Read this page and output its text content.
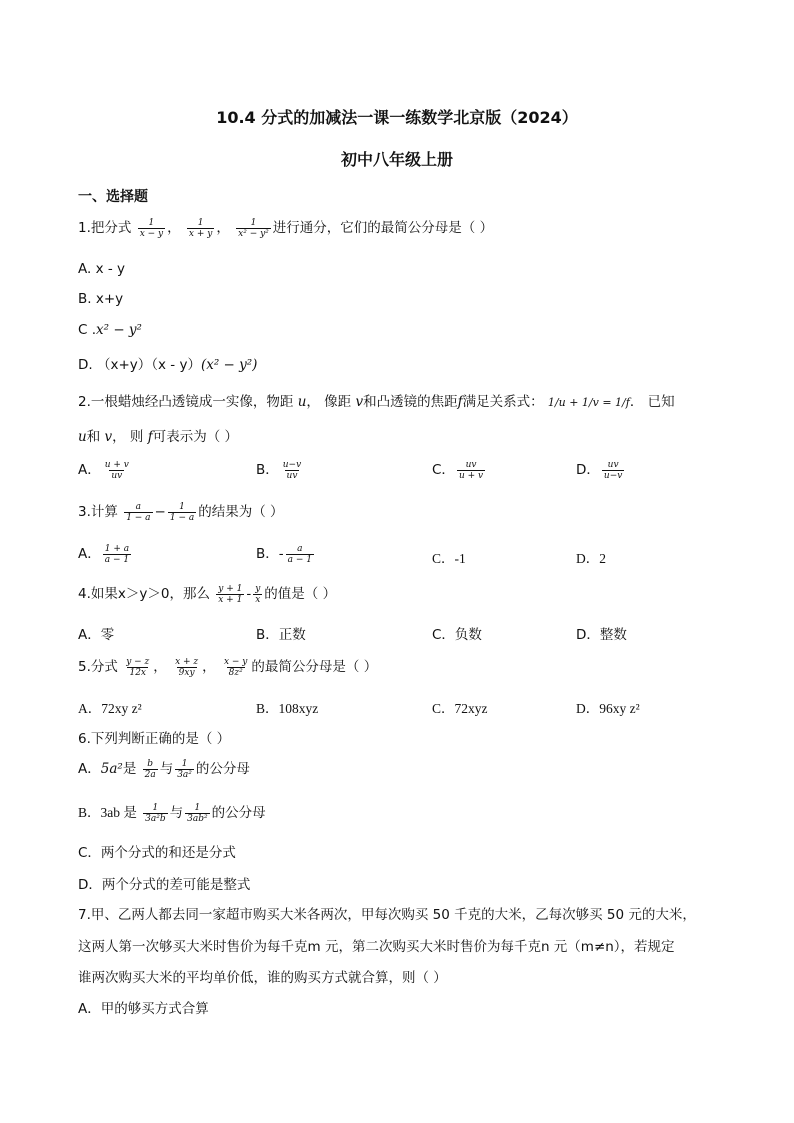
10.4 分式的加减法一课一练数学北京版（2024）
初中八年级上册
一、选择题
1.把分式 $\frac{1}{x - y}$ ， $\frac{1}{x + y}$ ， $\frac{1}{\text{x² − y²}}$ 进行通分，它们的最简公分母是（ ）
A. x - y
B. x+y
C .x² − y²
D. （x+y）（x - y）(x² − y²)
2.一根蜡烛经凸透镜成一实像，物距 u， 像距 v和凸透镜的焦距f满足关系式： 1/u + 1/v = 1/f． 已知
u和 v， 则 f可表示为（ ）
A． $\frac{u + v}{uv}$	B． $\frac{u-v}{uv}$	C． $\frac{uv}{u + v}$	D． $\frac{uv}{u-v}$
3.计算 $\frac{a}{1 - a} - \frac{1}{1 - a}$ 的结果为（ ）
A． $\frac{1 + a}{a - 1}$	B．- $\frac{a}{a - 1}$	C．-1	D．2
4.如果x＞y＞0，那么 $\frac{y + 1}{x + 1} - \frac{y}{x}$ 的值是（ ）
A．零	B．正数	C．负数	D．整数
5.分式 $\frac{y - z}{12x}$ ， $\frac{x + z}{9xy}$ ， $\frac{x - y}{\text{8z²}}$ 的最简公分母是（ ）
A．72xy z²	B．108xyz	C．72xyz	D．96xy z²
6.下列判断正确的是（ ）
A．5a²是 $\frac{b}{2a}$ 与 $\frac{1}{\text{3a²}}$ 的公分母
B．3ab 是 $\frac{1}{\text{3a²b}}$ 与 $\frac{1}{\text{3ab²}}$ 的公分母
C．两个分式的和还是分式
D．两个分式的差可能是整式
7.甲、乙两人都去同一家超市购买大米各两次，甲每次购买 50 千克的大米，乙每次够买 50 元的大米，
这两人第一次够买大米时售价为每千克m 元，第二次购买大米时售价为每千克n 元（m≠n），若规定
谁两次购买大米的平均单价低，谁的购买方式就合算，则（ ）
A．甲的够买方式合算
